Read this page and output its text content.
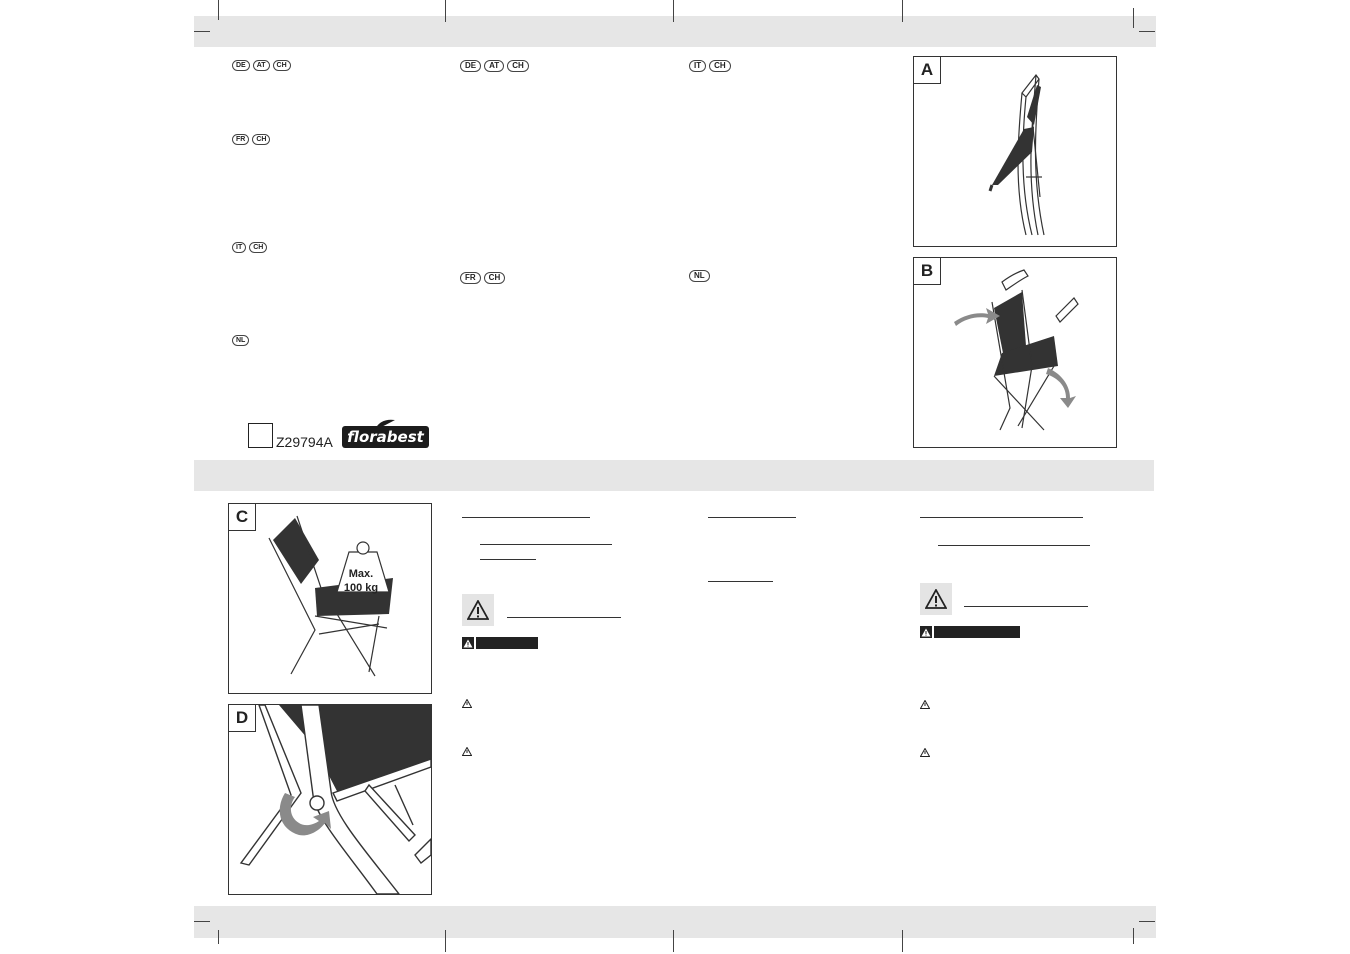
DE	AT	CH
FR	CH
IT	CH
NL
DE	AT	CH
FR	CH
IT	CH
NL
Z29794A florabest
A
B
C
Max.
100 kg
D
